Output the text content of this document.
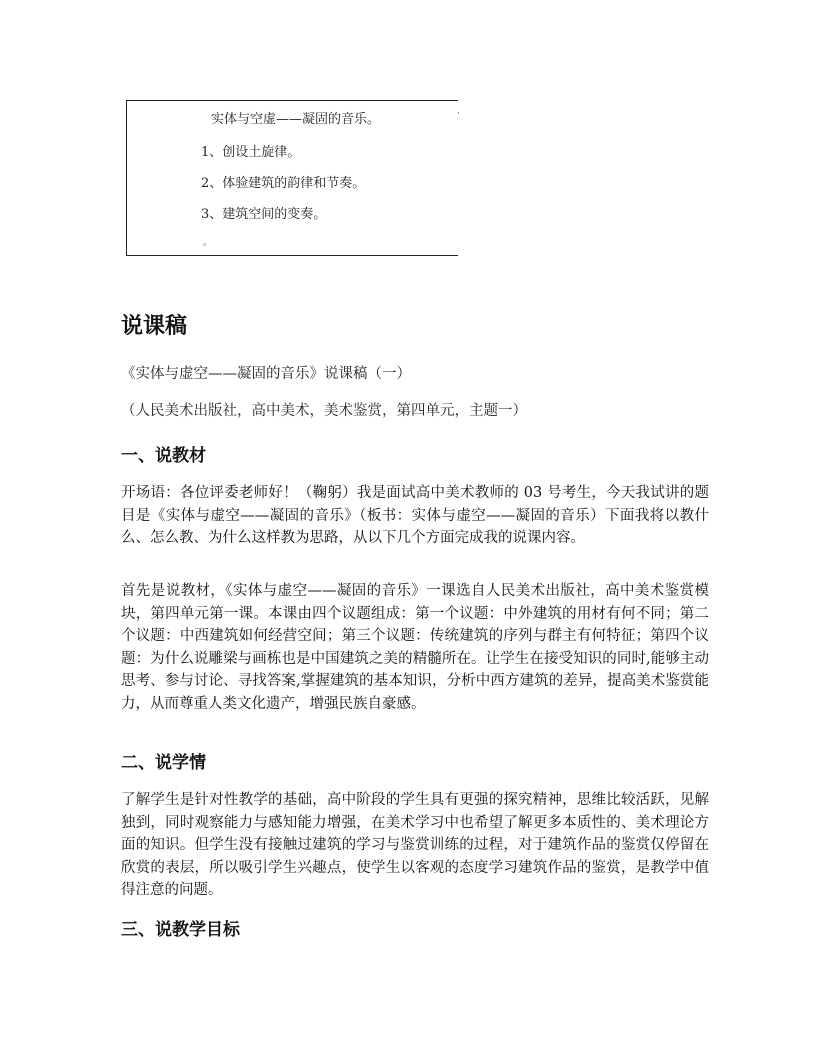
实体与空虚——凝固的音乐。
1、创设土旋律。
2、体验建筑的韵律和节奏。
3、建筑空间的变奏。
。
·
说课稿
《实体与虚空——凝固的音乐》说课稿（一）
（人民美术出版社，高中美术，美术鉴赏，第四单元，主题一）
一、说教材
开场语：各位评委老师好！（鞠躬）我是面试高中美术教师的 03 号考生，今天我试讲的题目是《实体与虚空——凝固的音乐》（板书：实体与虚空——凝固的音乐）下面我将以教什么、怎么教、为什么这样教为思路，从以下几个方面完成我的说课内容。
首先是说教材，《实体与虚空——凝固的音乐》一课选自人民美术出版社，高中美术鉴赏模块，第四单元第一课。本课由四个议题组成：第一个议题：中外建筑的用材有何不同；第二个议题：中西建筑如何经营空间；第三个议题：传统建筑的序列与群主有何特征；第四个议题：为什么说雕梁与画栋也是中国建筑之美的精髓所在。让学生在接受知识的同时,能够主动思考、参与讨论、寻找答案,掌握建筑的基本知识，分析中西方建筑的差异，提高美术鉴赏能力，从而尊重人类文化遗产，增强民族自豪感。
二、说学情
了解学生是针对性教学的基础，高中阶段的学生具有更强的探究精神，思维比较活跃，见解独到，同时观察能力与感知能力增强，在美术学习中也希望了解更多本质性的、美术理论方面的知识。但学生没有接触过建筑的学习与鉴赏训练的过程，对于建筑作品的鉴赏仅停留在欣赏的表层，所以吸引学生兴趣点，使学生以客观的态度学习建筑作品的鉴赏，是教学中值得注意的问题。
三、说教学目标
